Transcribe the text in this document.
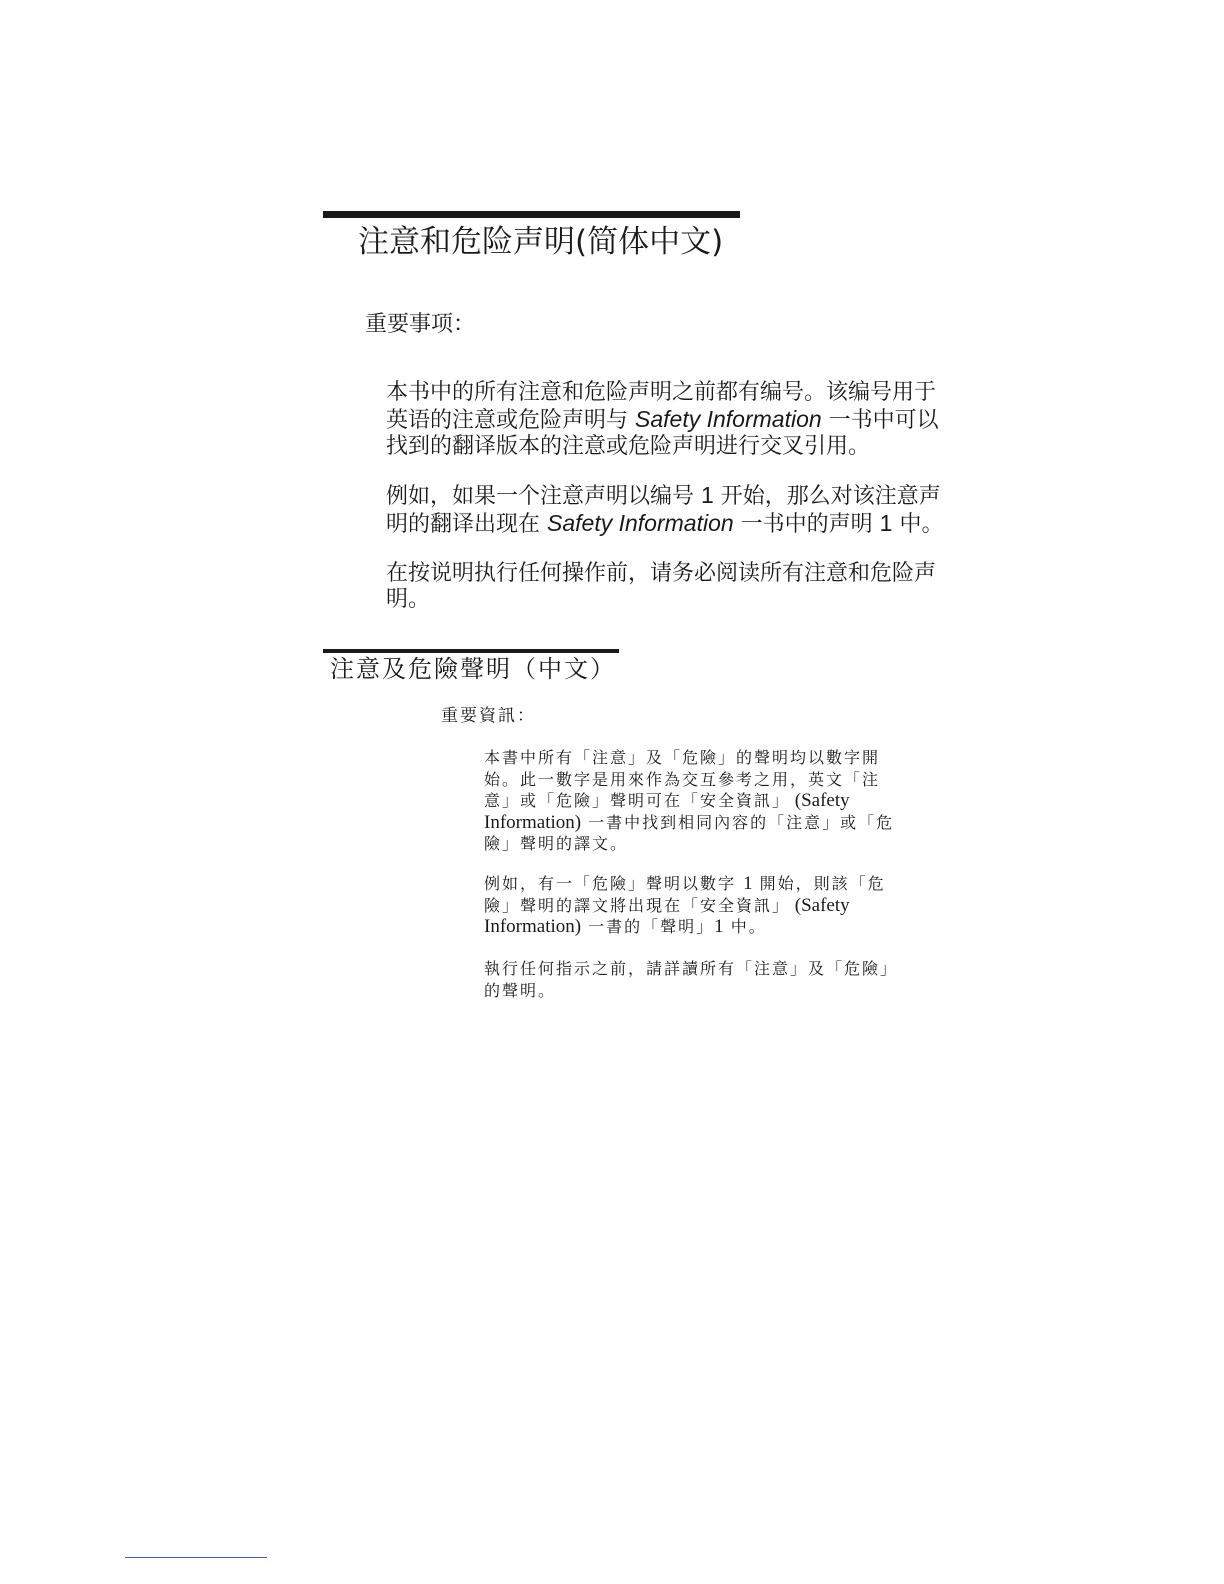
注意和危险声明(简体中文)
重要事项：

本书中的所有注意和危险声明之前都有编号。该编号用于
英语的注意或危险声明与 Safety Information 一书中可以
找到的翻译版本的注意或危险声明进行交叉引用。

例如，如果一个注意声明以编号 1 开始，那么对该注意声
明的翻译出现在 Safety Information 一书中的声明 1 中。

在按说明执行任何操作前，请务必阅读所有注意和危险声
明。

注意及危險聲明（中文）
重要資訊：

本書中所有「注意」及「危險」的聲明均以數字開
始。此一數字是用來作為交互參考之用，英文「注
意」或「危險」聲明可在「安全資訊」 (Safety
Information) 一書中找到相同內容的「注意」或「危
險」聲明的譯文。

例如，有一「危險」聲明以數字 1 開始，則該「危
險」聲明的譯文將出現在「安全資訊」 (Safety
Information) 一書的「聲明」1 中。

執行任何指示之前，請詳讀所有「注意」及「危險」
的聲明。
